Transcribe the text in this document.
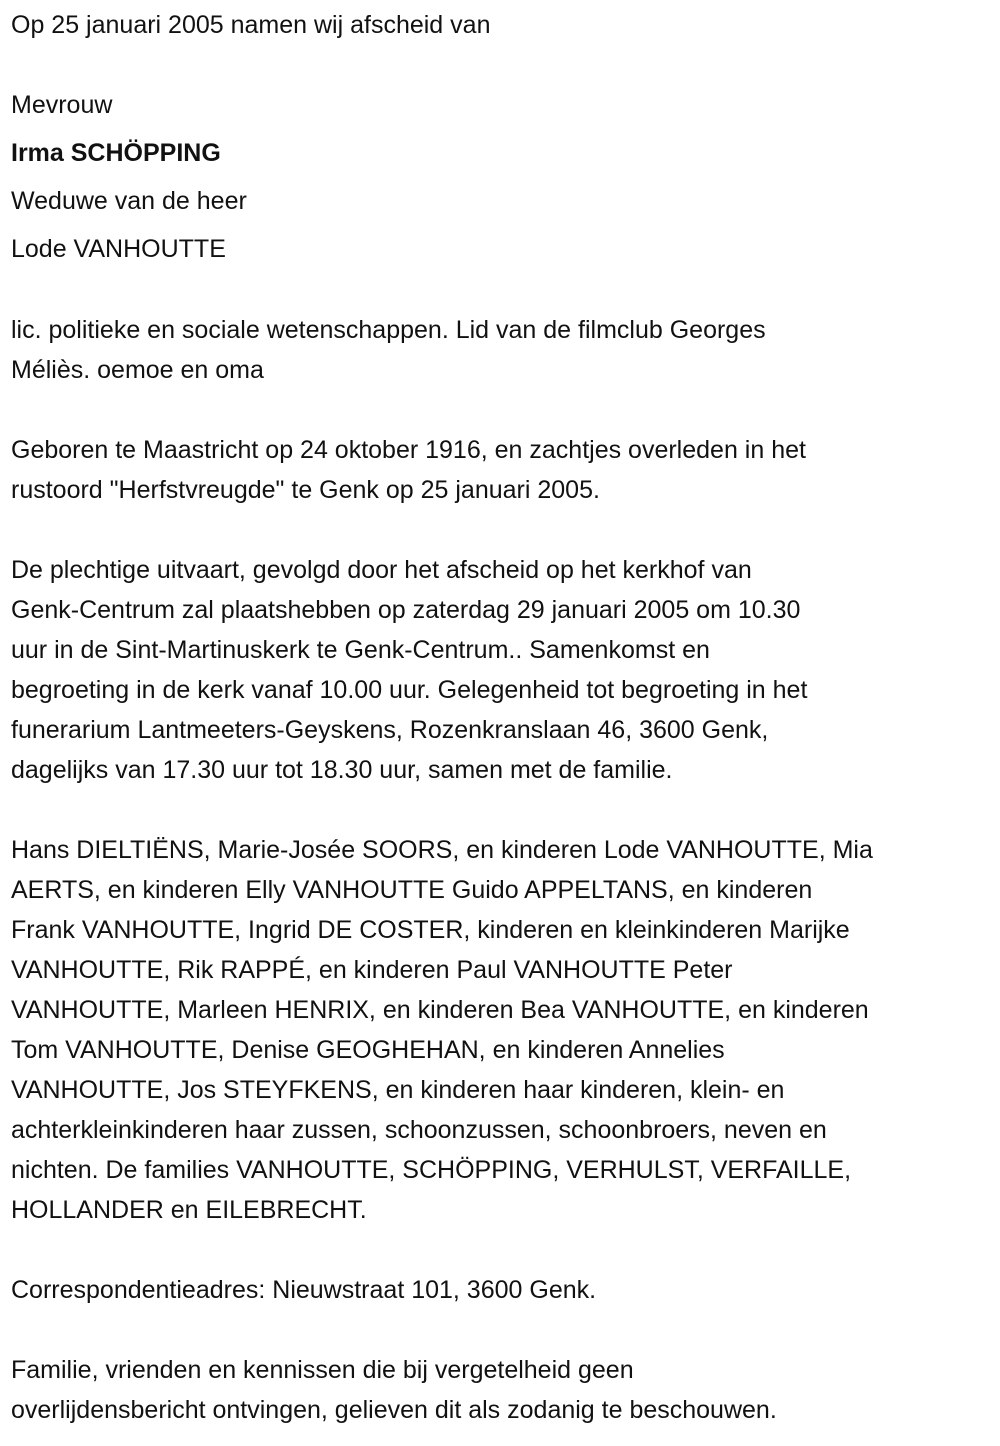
Op 25 januari 2005 namen wij afscheid van
Mevrouw
Irma SCHÖPPING
Weduwe van de heer
Lode VANHOUTTE
lic. politieke en sociale wetenschappen. Lid van de filmclub Georges
Méliès. oemoe en oma
Geboren te Maastricht op 24 oktober 1916, en zachtjes overleden in het
rustoord "Herfstvreugde" te Genk op 25 januari 2005.
De plechtige uitvaart, gevolgd door het afscheid op het kerkhof van
Genk-Centrum zal plaatshebben op zaterdag 29 januari 2005 om 10.30
uur in de Sint-Martinuskerk te Genk-Centrum.. Samenkomst en
begroeting in de kerk vanaf 10.00 uur. Gelegenheid tot begroeting in het
funerarium Lantmeeters-Geyskens, Rozenkranslaan 46, 3600 Genk,
dagelijks van 17.30 uur tot 18.30 uur, samen met de familie.
Hans DIELTIËNS, Marie-Josée SOORS, en kinderen Lode VANHOUTTE, Mia
AERTS, en kinderen Elly VANHOUTTE Guido APPELTANS, en kinderen
Frank VANHOUTTE, Ingrid DE COSTER, kinderen en kleinkinderen Marijke
VANHOUTTE, Rik RAPPÉ, en kinderen Paul VANHOUTTE Peter
VANHOUTTE, Marleen HENRIX, en kinderen Bea VANHOUTTE, en kinderen
Tom VANHOUTTE, Denise GEOGHEHAN, en kinderen Annelies
VANHOUTTE, Jos STEYFKENS, en kinderen haar kinderen, klein- en
achterkleinkinderen haar zussen, schoonzussen, schoonbroers, neven en
nichten. De families VANHOUTTE, SCHÖPPING, VERHULST, VERFAILLE,
HOLLANDER en EILEBRECHT.
Correspondentieadres: Nieuwstraat 101, 3600 Genk.
Familie, vrienden en kennissen die bij vergetelheid geen
overlijdensbericht ontvingen, gelieven dit als zodanig te beschouwen.
